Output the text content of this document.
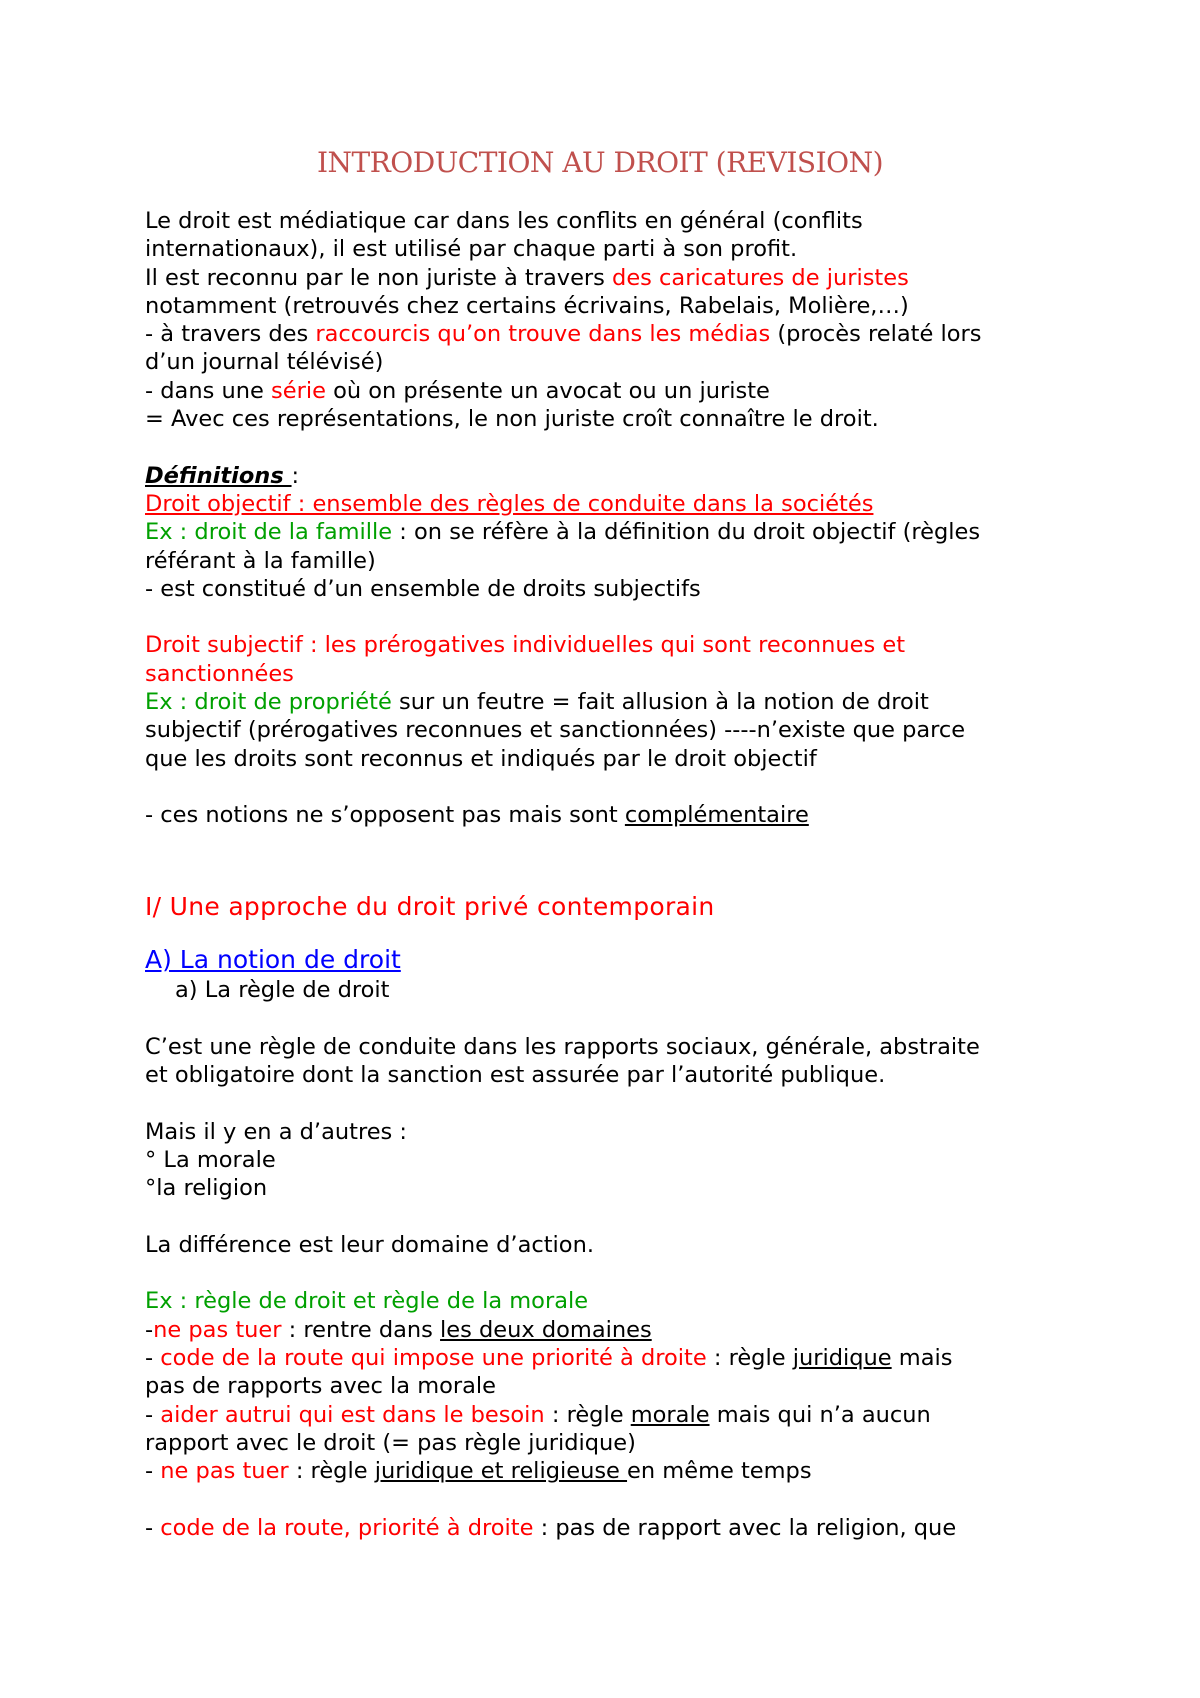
INTRODUCTION AU DROIT (REVISION)
Le droit est médiatique car dans les conflits en général (conflits
internationaux), il est utilisé par chaque parti à son profit.
Il est reconnu par le non juriste à travers des caricatures de juristes
notamment (retrouvés chez certains écrivains, Rabelais, Molière,…)
- à travers des raccourcis qu’on trouve dans les médias (procès relaté lors
d’un journal télévisé)
- dans une série où on présente un avocat ou un juriste
= Avec ces représentations, le non juriste croît connaître le droit.
Définitions :
Droit objectif : ensemble des règles de conduite dans la sociétés
Ex : droit de la famille : on se réfère à la définition du droit objectif (règles
référant à la famille)
- est constitué d’un ensemble de droits subjectifs
Droit subjectif : les prérogatives individuelles qui sont reconnues et
sanctionnées
Ex : droit de propriété sur un feutre = fait allusion à la notion de droit
subjectif (prérogatives reconnues et sanctionnées) ----n’existe que parce
que les droits sont reconnus et indiqués par le droit objectif
- ces notions ne s’opposent pas mais sont complémentaire
I/ Une approche du droit privé contemporain
A) La notion de droit
a) La règle de droit
C’est une règle de conduite dans les rapports sociaux, générale, abstraite
et obligatoire dont la sanction est assurée par l’autorité publique.
Mais il y en a d’autres :
° La morale
°la religion
La différence est leur domaine d’action.
Ex : règle de droit et règle de la morale
-ne pas tuer : rentre dans les deux domaines
- code de la route qui impose une priorité à droite : règle juridique mais
pas de rapports avec la morale
- aider autrui qui est dans le besoin : règle morale mais qui n’a aucun
rapport avec le droit (= pas règle juridique)
- ne pas tuer : règle juridique et religieuse en même temps
- code de la route, priorité à droite : pas de rapport avec la religion, que
